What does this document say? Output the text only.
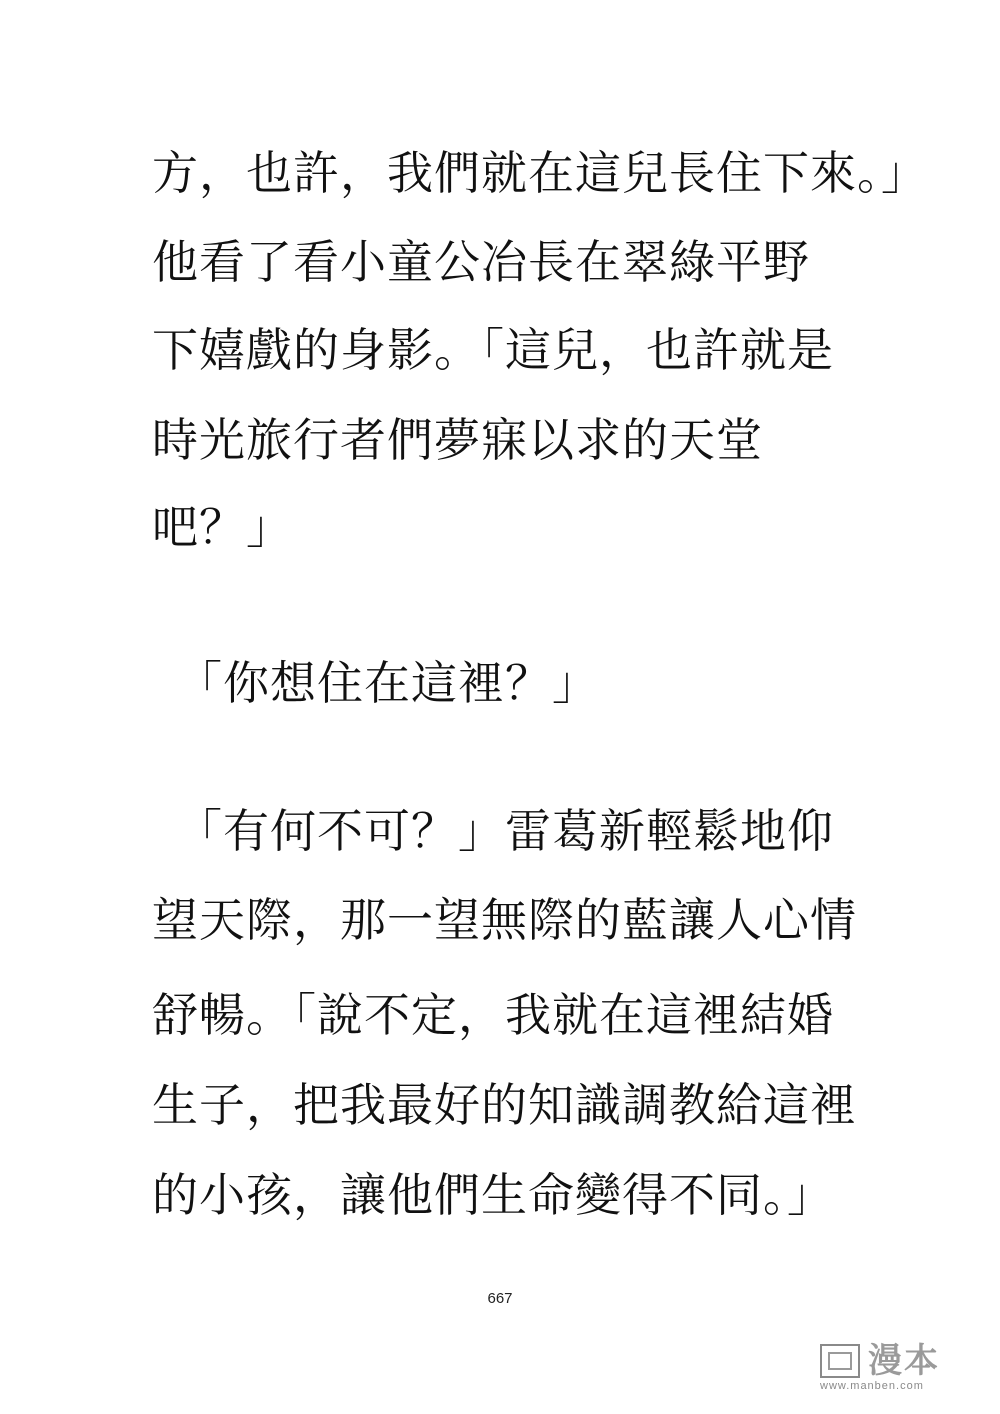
方，也許，我們就在這兒長住下來。」
他看了看小童公冶長在翠綠平野
下嬉戲的身影。「這兒，也許就是
時光旅行者們夢寐以求的天堂
吧？」
　「你想住在這裡？」
　「有何不可？」雷葛新輕鬆地仰
望天際，那一望無際的藍讓人心情
舒暢。「說不定，我就在這裡結婚
生子，把我最好的知識調教給這裡
的小孩，讓他們生命變得不同。」
667
漫本
www.manben.com
